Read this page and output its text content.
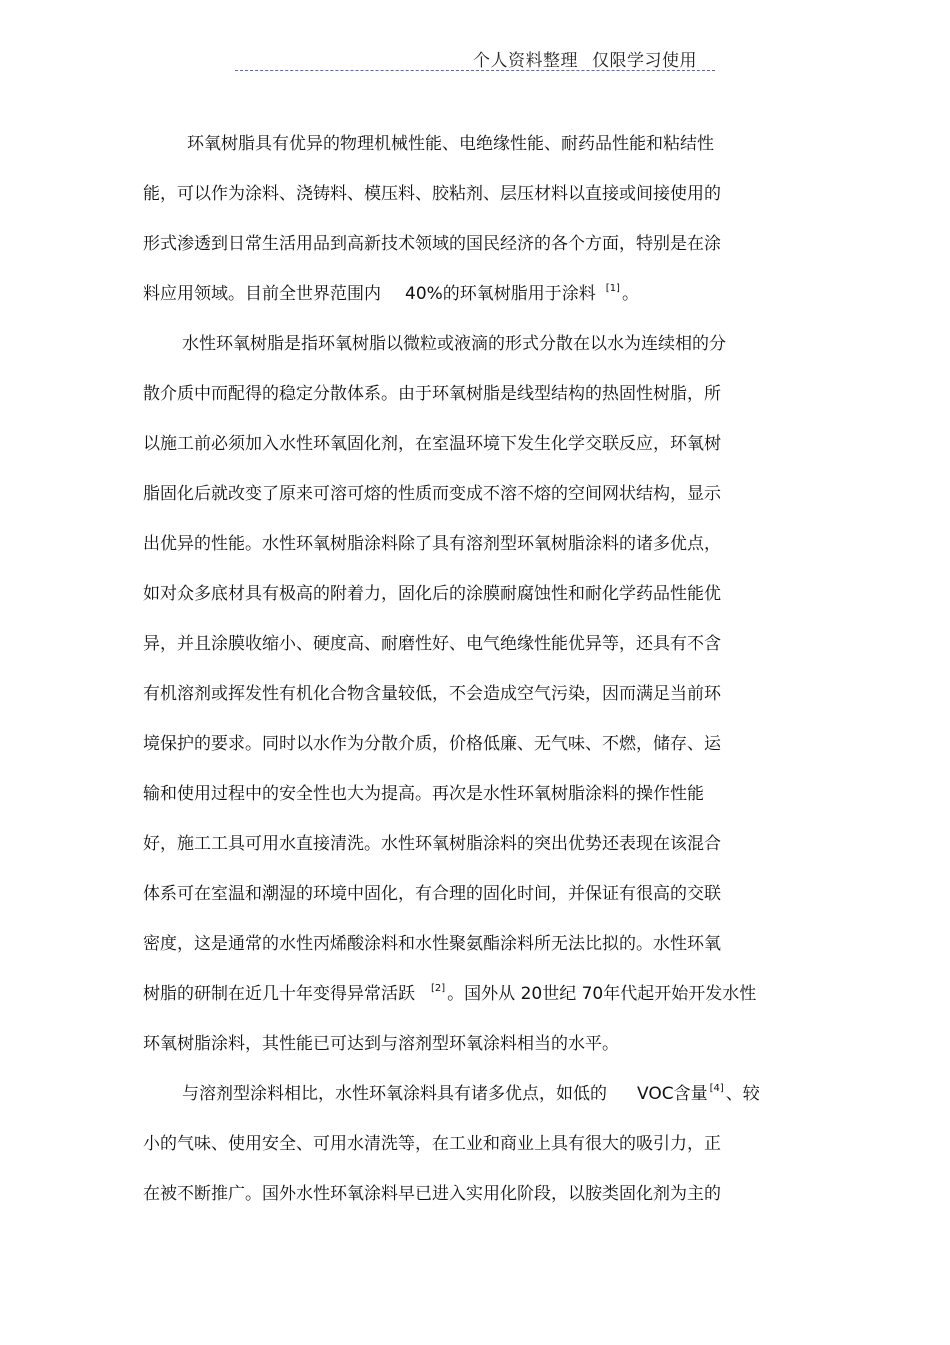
个人资料整理 仅限学习使用
环氧树脂具有优异的物理机械性能、电绝缘性能、耐药品性能和粘结性
能，可以作为涂料、浇铸料、模压料、胶粘剂、层压材料以直接或间接使用的
形式渗透到日常生活用品到高新技术领域的国民经济的各个方面，特别是在涂
料应用领域。目前全世界范围内 40%的环氧树脂用于涂料 [1] 。
水性环氧树脂是指环氧树脂以微粒或液滴的形式分散在以水为连续相的分
散介质中而配得的稳定分散体系。由于环氧树脂是线型结构的热固性树脂，所
以施工前必须加入水性环氧固化剂，在室温环境下发生化学交联反应，环氧树
脂固化后就改变了原来可溶可熔的性质而变成不溶不熔的空间网状结构，显示
出优异的性能。水性环氧树脂涂料除了具有溶剂型环氧树脂涂料的诸多优点，
如对众多底材具有极高的附着力，固化后的涂膜耐腐蚀性和耐化学药品性能优
异，并且涂膜收缩小、硬度高、耐磨性好、电气绝缘性能优异等，还具有不含
有机溶剂或挥发性有机化合物含量较低，不会造成空气污染，因而满足当前环
境保护的要求。同时以水作为分散介质，价格低廉、无气味、不燃，储存、运
输和使用过程中的安全性也大为提高。再次是水性环氧树脂涂料的操作性能
好，施工工具可用水直接清洗。水性环氧树脂涂料的突出优势还表现在该混合
体系可在室温和潮湿的环境中固化，有合理的固化时间，并保证有很高的交联
密度，这是通常的水性丙烯酸涂料和水性聚氨酯涂料所无法比拟的。水性环氧
树脂的研制在近几十年变得异常活跃 [2] 。国外从 20世纪 70年代起开始开发水性
环氧树脂涂料，其性能已可达到与溶剂型环氧涂料相当的水平。
与溶剂型涂料相比，水性环氧涂料具有诸多优点，如低的 VOC含量 [4] 、较
小的气味、使用安全、可用水清洗等，在工业和商业上具有很大的吸引力，正
在被不断推广。国外水性环氧涂料早已进入实用化阶段，以胺类固化剂为主的
